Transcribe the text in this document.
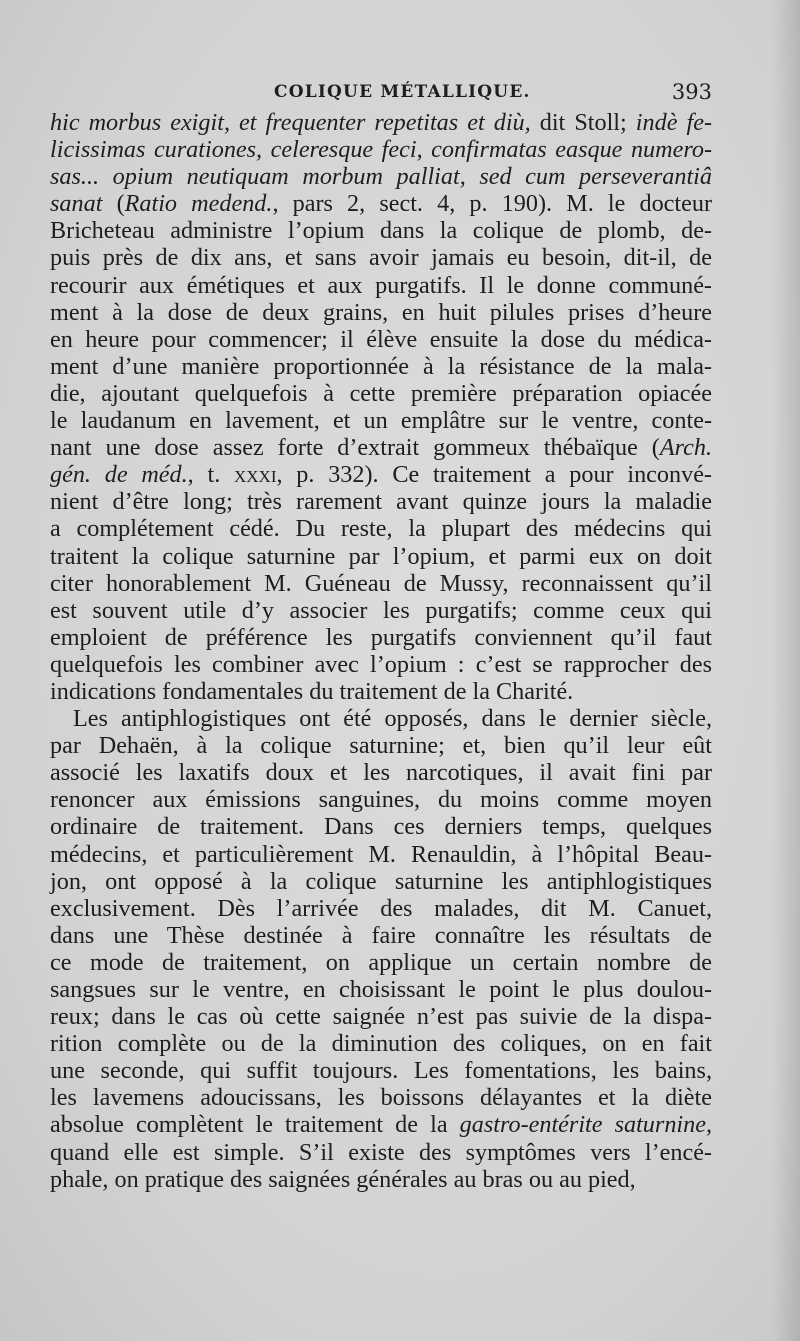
COLIQUE MÉTALLIQUE.	393
hic morbus exigit, et frequenter repetitas et diù, dit Stoll; indè fe-
licissimas curationes, celeresque feci, confirmatas easque numero-
sas... opium neutiquam morbum palliat, sed cum perseverantiâ
sanat (Ratio medend., pars 2, sect. 4, p. 190). M. le docteur
Bricheteau administre l’opium dans la colique de plomb, de-
puis près de dix ans, et sans avoir jamais eu besoin, dit-il, de
recourir aux émétiques et aux purgatifs. Il le donne communé-
ment à la dose de deux grains, en huit pilules prises d’heure
en heure pour commencer; il élève ensuite la dose du médica-
ment d’une manière proportionnée à la résistance de la mala-
die, ajoutant quelquefois à cette première préparation opiacée
le laudanum en lavement, et un emplâtre sur le ventre, conte-
nant une dose assez forte d’extrait gommeux thébaïque (Arch.
gén. de méd., t. xxxi, p. 332). Ce traitement a pour inconvé-
nient d’être long; très rarement avant quinze jours la maladie
a complétement cédé. Du reste, la plupart des médecins qui
traitent la colique saturnine par l’opium, et parmi eux on doit
citer honorablement M. Guéneau de Mussy, reconnaissent qu’il
est souvent utile d’y associer les purgatifs; comme ceux qui
emploient de préférence les purgatifs conviennent qu’il faut
quelquefois les combiner avec l’opium : c’est se rapprocher des
indications fondamentales du traitement de la Charité.
Les antiphlogistiques ont été opposés, dans le dernier siècle,
par Dehaën, à la colique saturnine; et, bien qu’il leur eût
associé les laxatifs doux et les narcotiques, il avait fini par
renoncer aux émissions sanguines, du moins comme moyen
ordinaire de traitement. Dans ces derniers temps, quelques
médecins, et particulièrement M. Renauldin, à l’hôpital Beau-
jon, ont opposé à la colique saturnine les antiphlogistiques
exclusivement. Dès l’arrivée des malades, dit M. Canuet,
dans une Thèse destinée à faire connaître les résultats de
ce mode de traitement, on applique un certain nombre de
sangsues sur le ventre, en choisissant le point le plus doulou-
reux; dans le cas où cette saignée n’est pas suivie de la dispa-
rition complète ou de la diminution des coliques, on en fait
une seconde, qui suffit toujours. Les fomentations, les bains,
les lavemens adoucissans, les boissons délayantes et la diète
absolue complètent le traitement de la gastro-entérite saturnine,
quand elle est simple. S’il existe des symptômes vers l’encé-
phale, on pratique des saignées générales au bras ou au pied,
